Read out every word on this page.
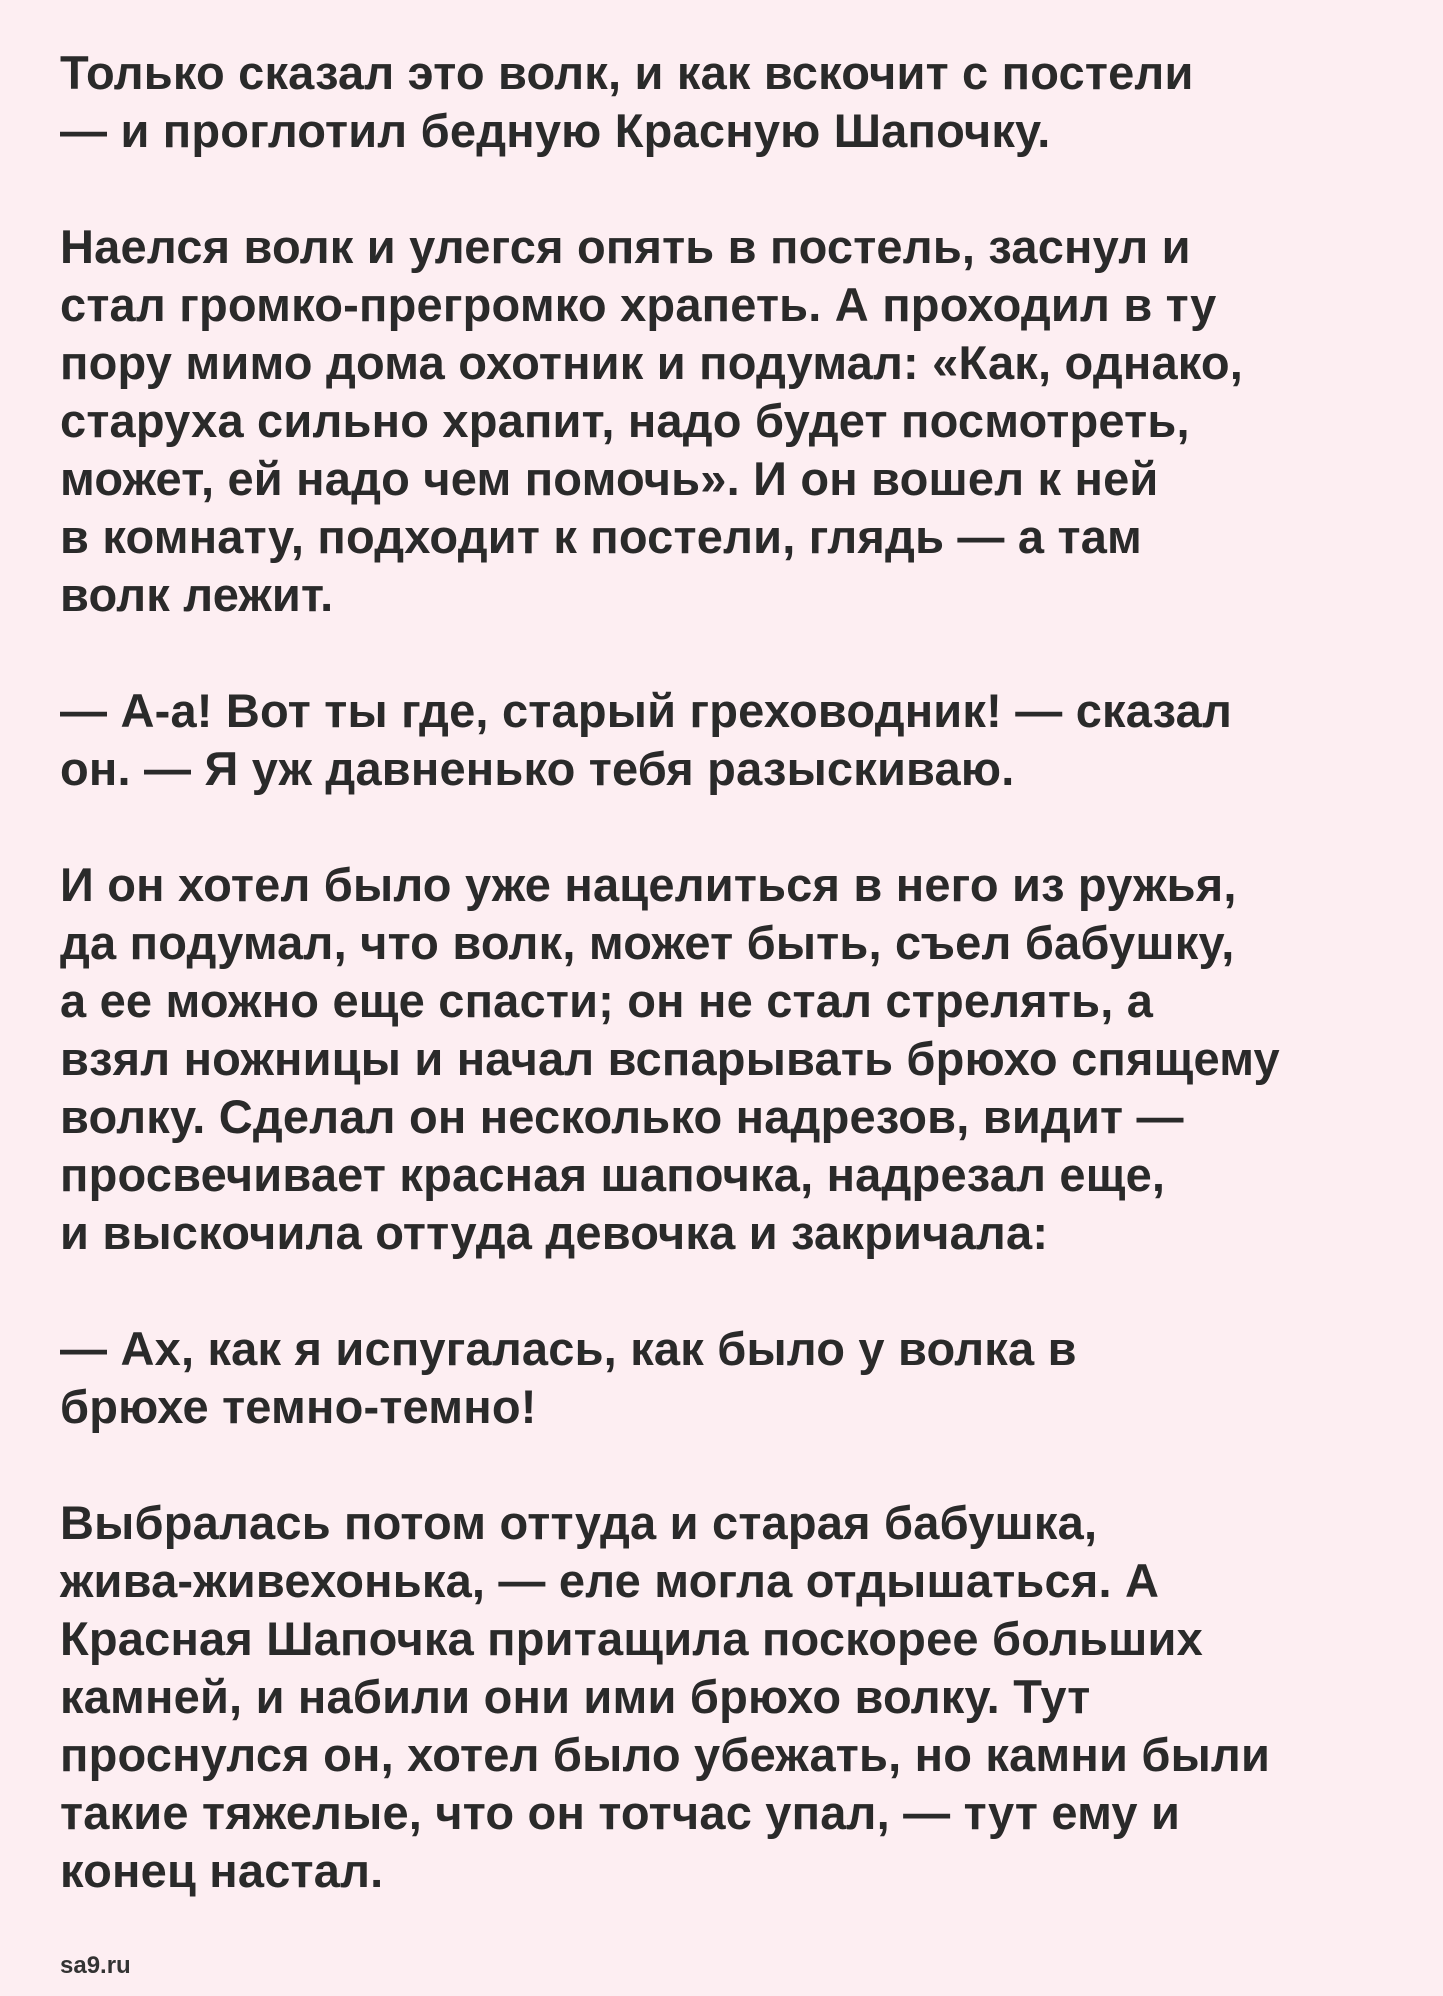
Только сказал это волк, и как вскочит с постели
— и проглотил бедную Красную Шапочку.

Наелся волк и улегся опять в постель, заснул и
стал громко-прегромко храпеть. А проходил в ту
пору мимо дома охотник и подумал: «Как, однако,
старуха сильно храпит, надо будет посмотреть,
может, ей надо чем помочь». И он вошел к ней
в комнату, подходит к постели, глядь — а там
волк лежит.

— А-а! Вот ты где, старый греховодник! — сказал
он. — Я уж давненько тебя разыскиваю.

И он хотел было уже нацелиться в него из ружья,
да подумал, что волк, может быть, съел бабушку,
а ее можно еще спасти; он не стал стрелять, а
взял ножницы и начал вспарывать брюхо спящему
волку. Сделал он несколько надрезов, видит —
просвечивает красная шапочка, надрезал еще,
и выскочила оттуда девочка и закричала:

— Ах, как я испугалась, как было у волка в
брюхе темно-темно!

Выбралась потом оттуда и старая бабушка,
жива-живехонька, — еле могла отдышаться. А
Красная Шапочка притащила поскорее больших
камней, и набили они ими брюхо волку. Тут
проснулся он, хотел было убежать, но камни были
такие тяжелые, что он тотчас упал, — тут ему и
конец настал.

sa9.ru
